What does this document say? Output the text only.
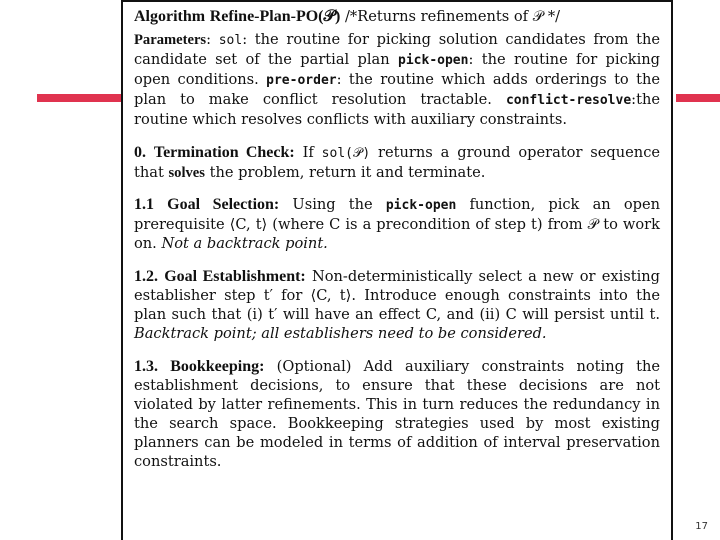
Algorithm Refine-Plan-PO(𝒫) /*Returns refinements of 𝒫 */

Parameters: sol: the routine for picking solution candidates from the candidate set of the partial plan pick-open: the routine for picking open conditions. pre-order: the routine which adds orderings to the plan to make conflict resolution tractable. conflict-resolve:the routine which resolves conflicts with auxiliary constraints.

0. Termination Check: If sol(𝒫) returns a ground operator sequence that solves the problem, return it and terminate.

1.1 Goal Selection: Using the pick-open function, pick an open prerequisite ⟨C, t⟩ (where C is a precondition of step t) from 𝒫 to work on. Not a backtrack point.

1.2. Goal Establishment: Non-deterministically select a new or existing establisher step t′ for ⟨C, t⟩. Introduce enough constraints into the plan such that (i) t′ will have an effect C, and (ii) C will persist until t. Backtrack point; all establishers need to be considered.

1.3. Bookkeeping: (Optional) Add auxiliary constraints noting the establishment decisions, to ensure that these decisions are not violated by latter refinements. This in turn reduces the redundancy in the search space. Bookkeeping strategies used by most existing planners can be modeled in terms of addition of interval preservation constraints.

17
